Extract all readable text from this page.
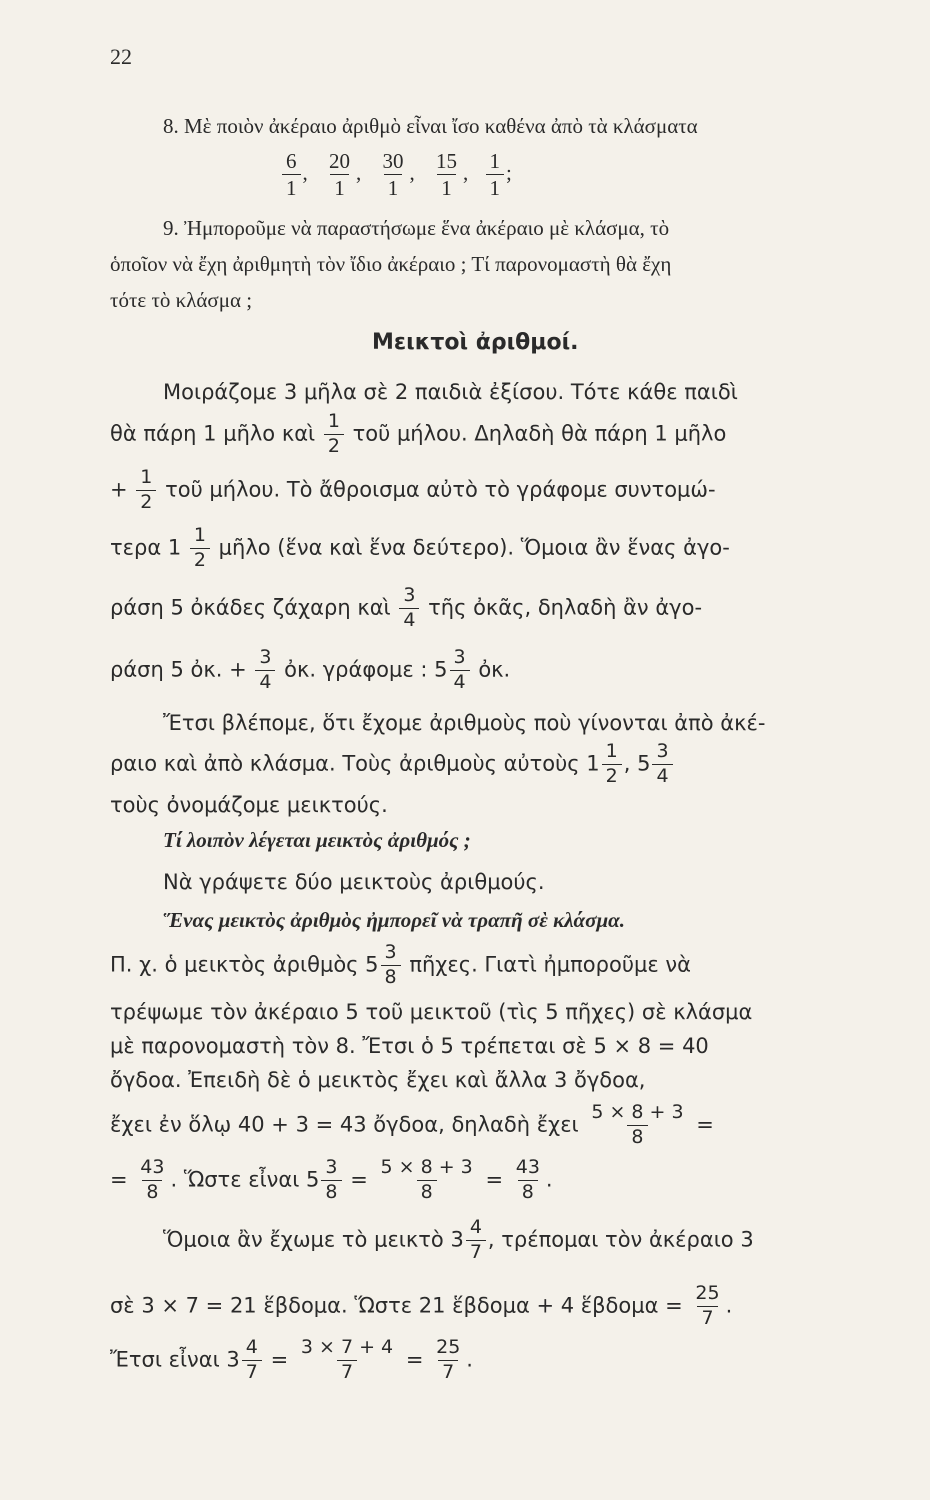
22
8. Μὲ ποιὸν ἀκέραιο ἀριθμὸ εἶναι ἴσο καθένα ἀπὸ τὰ κλάσματα
$\frac{6}{1}$ , $\frac{20}{1}$ , $\frac{30}{1}$ , $\frac{15}{1}$ , $\frac{1}{1}$ ;
9. Ἠμποροῦμε νὰ παραστήσωμε ἕνα ἀκέραιο μὲ κλάσμα, τὸ
ὁποῖον νὰ ἔχη ἀριθμητὴ τὸν ἴδιο ἀκέραιο ; Τί παρονομαστὴ θὰ ἔχη
τότε τὸ κλάσμα ;
Μεικτοὶ ἀριθμοί.
Μοιράζομε 3 μῆλα σὲ 2 παιδιὰ ἐξίσου. Τότε κάθε παιδὶ
θὰ πάρη 1 μῆλο καὶ $\frac{1}{2}$ τοῦ μήλου. Δηλαδὴ θὰ πάρη 1 μῆλο
+ $\frac{1}{2}$ τοῦ μήλου. Τὸ ἄθροισμα αὐτὸ τὸ γράφομε συντομώ-
τερα $1 \frac{1}{2}$ μῆλο (ἕνα καὶ ἕνα δεύτερο). Ὅμοια ἂν ἕνας ἀγο-
ράση 5 ὀκάδες ζάχαρη καὶ $\frac{3}{4}$ τῆς ὀκᾶς, δηλαδὴ ἂν ἀγο-
ράση 5 ὀκ. + $\frac{3}{4}$ ὀκ. γράφομε : $5 \frac{3}{4}$ ὀκ.
Ἔτσι βλέπομε, ὅτι ἔχομε ἀριθμοὺς ποὺ γίνονται ἀπὸ ἀκέ-
ραιο καὶ ἀπὸ κλάσμα. Τοὺς ἀριθμοὺς αὐτοὺς $1 \frac{1}{2}$ , $5 \frac{3}{4}$
τοὺς ὀνομάζομε μεικτούς.
Τί λοιπὸν λέγεται μεικτὸς ἀριθμός ;
Νὰ γράψετε δύο μεικτοὺς ἀριθμούς.
Ἕνας μεικτὸς ἀριθμὸς ἠμπορεῖ νὰ τραπῆ σὲ κλάσμα.
Π. χ. ὁ μεικτὸς ἀριθμὸς $5 \frac{3}{8}$ πῆχες. Γιατὶ ἠμποροῦμε νὰ
τρέψωμε τὸν ἀκέραιο 5 τοῦ μεικτοῦ (τὶς 5 πῆχες) σὲ κλάσμα
μὲ παρονομαστὴ τὸν 8. Ἔτσι ὁ 5 τρέπεται σὲ 5 × 8 = 40
ὄγδοα. Ἐπειδὴ δὲ ὁ μεικτὸς ἔχει καὶ ἄλλα 3 ὄγδοα,
ἔχει ἐν ὅλῳ 40 + 3 = 43 ὄγδοα, δηλαδὴ ἔχει $\frac{5 \times 8 + 3}{8}$ =
= $\frac{43}{8}$ . Ὥστε εἶναι $5 \frac{3}{8} = \frac{5 \times 8 + 3}{8} = \frac{43}{8}$ .
Ὅμοια ἂν ἔχωμε τὸ μεικτὸ $3 \frac{4}{7}$ , τρέπομαι τὸν ἀκέραιο 3
σὲ 3 × 7 = 21 ἕβδομα. Ὥστε 21 ἕβδομα + 4 ἕβδομα = $\frac{25}{7}$ .
Ἔτσι εἶναι $3 \frac{4}{7} = \frac{3 \times 7 + 4}{7} = \frac{25}{7}$ .
